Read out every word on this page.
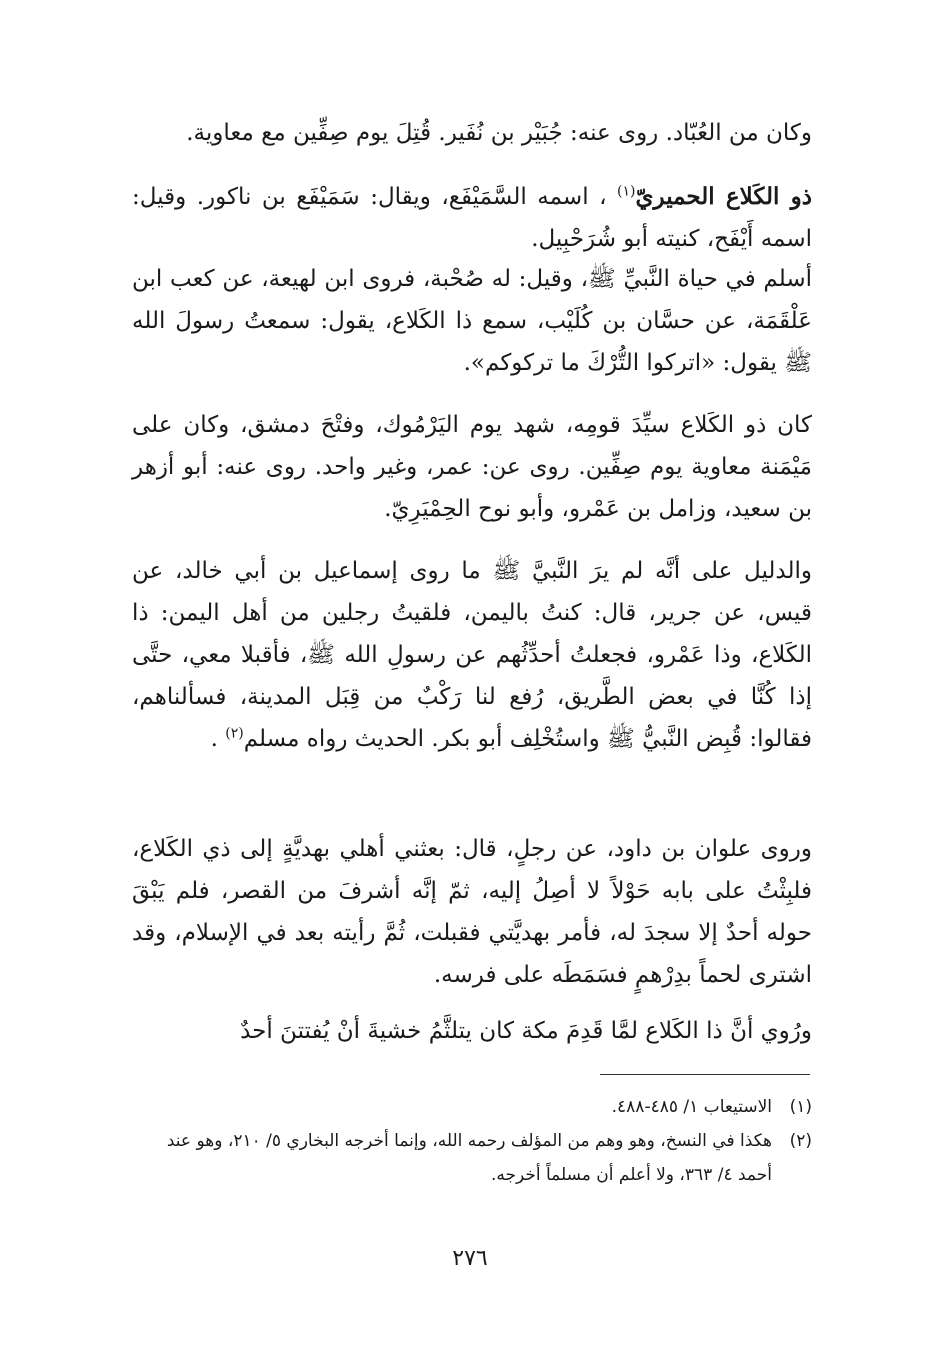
وكان من العُبّاد. روى عنه: جُبَيْر بن نُفَير. قُتِلَ يوم صِفِّين مع معاوية.

ذو الكَلاع الحميريّ$^{(١)}$ ، اسمه السَّمَيْفَع، ويقال: سَمَيْفَع بن ناكور. وقيل: اسمه أَيْفَح، كنيته أبو شُرَحْبِيل.

أسلم في حياة النَّبيِّ ﷺ، وقيل: له صُحْبة، فروى ابن لهيعة، عن كعب ابن عَلْقَمَة، عن حسَّان بن كُلَيْب، سمع ذا الكَلاع، يقول: سمعتُ رسولَ الله ﷺ يقول: «اتركوا التُّرْكَ ما تركوكم».

كان ذو الكَلاع سيِّدَ قومِه، شهد يوم اليَرْمُوك، وفتْحَ دمشق، وكان على مَيْمَنة معاوية يوم صِفِّين. روى عن: عمر، وغير واحد. روى عنه: أبو أزهر بن سعيد، وزامل بن عَمْرو، وأبو نوح الحِمْيَرِيّ.

والدليل على أنَّه لم يرَ النَّبيَّ ﷺ ما روى إسماعيل بن أبي خالد، عن قيس، عن جرير، قال: كنتُ باليمن، فلقيتُ رجلين من أهل اليمن: ذا الكَلاع، وذا عَمْرو، فجعلتُ أحدِّثُهم عن رسولِ الله ﷺ، فأقبلا معي، حتَّى إذا كُنَّا في بعض الطَّريق، رُفع لنا رَكْبٌ من قِبَل المدينة، فسألناهم، فقالوا: قُبِض النَّبيُّ ﷺ واستُخْلِف أبو بكر. الحديث رواه مسلم$^{(٢)}$ .

وروى علوان بن داود، عن رجلٍ، قال: بعثني أهلي بهديَّةٍ إلى ذي الكَلاع، فلبِثْتُ على بابه حَوْلاً لا أصِلُ إليه، ثمّ إنَّه أشرفَ من القصر، فلم يَبْقَ حوله أحدٌ إلا سجدَ له، فأمر بهديَّتي فقبلت، ثُمَّ رأيته بعد في الإسلام، وقد اشترى لحماً بدِرْهمٍ فسَمَطَه على فرسه.

ورُوي أنَّ ذا الكَلاع لمَّا قَدِمَ مكة كان يتلثَّمُ خشيةَ أنْ يُفتتنَ أحدٌ

(١)
الاستيعاب ١/ ٤٨٥-٤٨٨.

(٢)
هكذا في النسخ، وهو وهم من المؤلف رحمه الله، وإنما أخرجه البخاري ٥/ ٢١٠، وهو عند أحمد ٤/ ٣٦٣، ولا أعلم أن مسلماً أخرجه.

٢٧٦
